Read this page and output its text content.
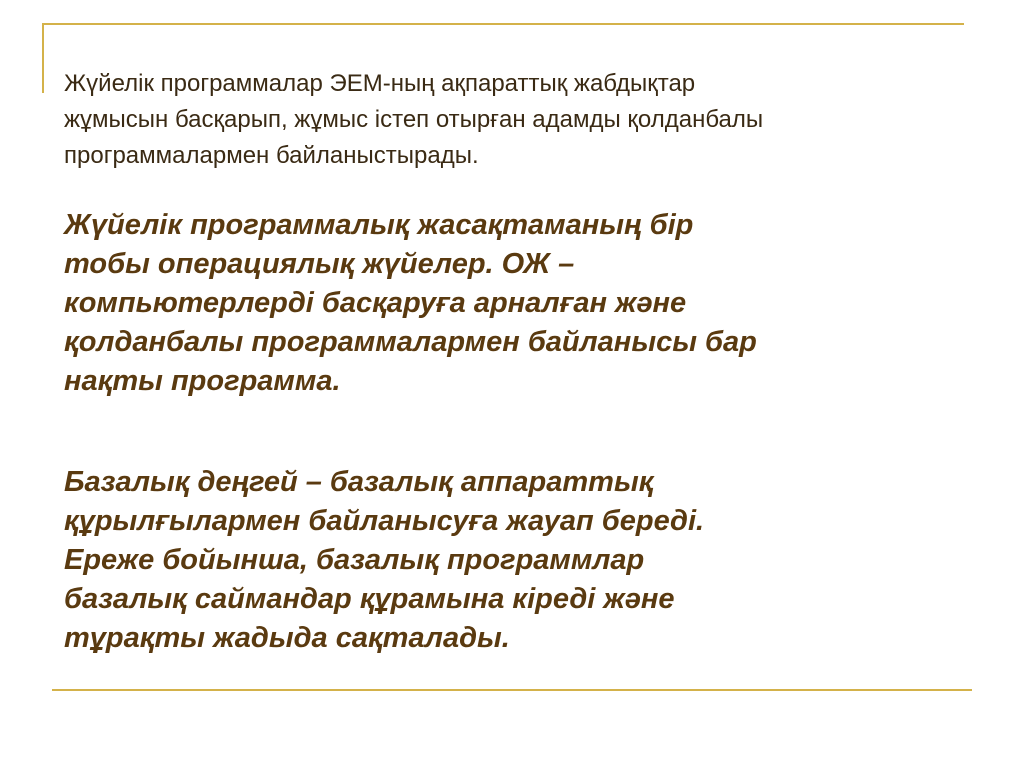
Жүйелік программалар ЭЕМ-ның ақпараттық жабдықтар
жұмысын басқарып, жұмыс істеп отырған адамды қолданбалы
программалармен байланыстырады.

Жүйелік программалық жасақтаманың бір
тобы операциялық жүйелер. ОЖ –
компьютерлерді басқаруға арналған және
қолданбалы программалармен байланысы бар
нақты программа.

Базалық деңгей – базалық аппараттық
құрылғылармен байланысуға жауап береді.
Ереже бойынша, базалық программлар
базалық саймандар құрамына кіреді және
тұрақты жадыда сақталады.
